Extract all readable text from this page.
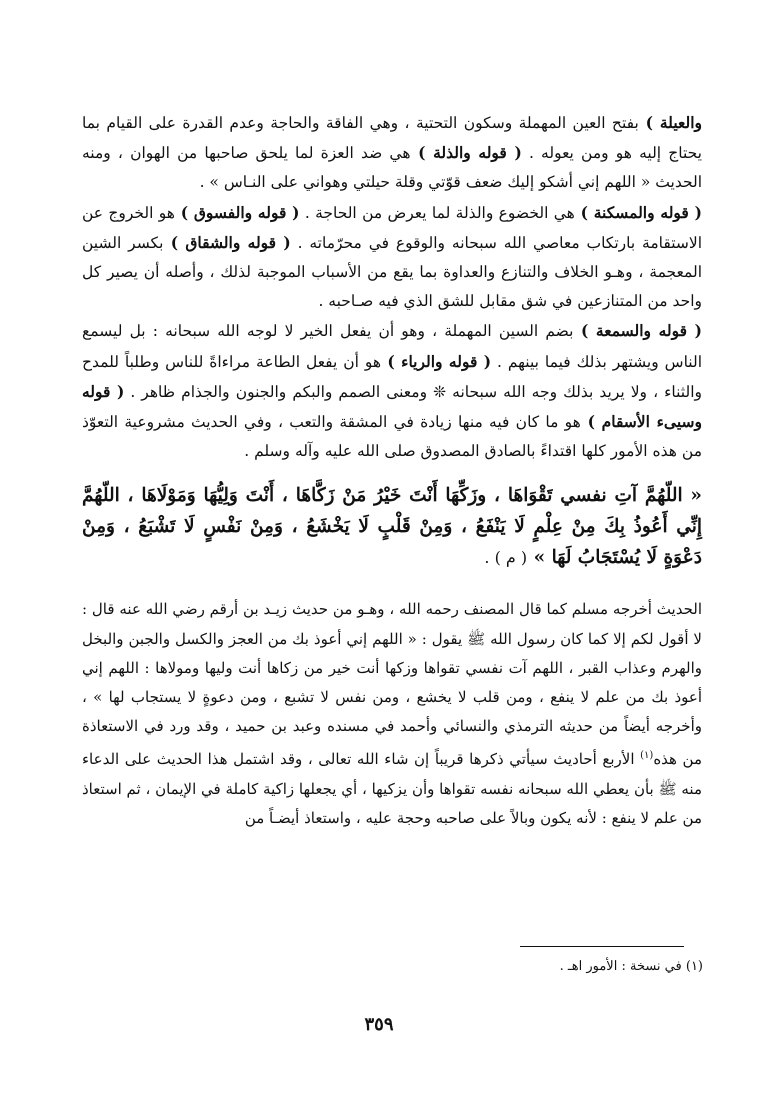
والعيلة ) بفتح العين المهملة وسكون التحتية ، وهي الفاقة والحاجة وعدم القدرة على القيام بما يحتاج إليه هو ومن يعوله . ( قوله والذلة ) هي ضد العزة لما يلحق صاحبها من الهوان ، ومنه الحديث « اللهم إني أشكو إليك ضعف قوّتي وقلة حيلتي وهواني على النـاس » .
( قوله والمسكنة ) هي الخضوع والذلة لما يعرض من الحاجة . ( قوله والفسوق ) هو الخروج عن الاستقامة بارتكاب معاصي الله سبحانه والوقوع في محرّماته . ( قوله والشقاق ) بكسر الشين المعجمة ، وهـو الخلاف والتنازع والعداوة بما يقع من الأسباب الموجبة لذلك ، وأصله أن يصير كل واحد من المتنازعين في شق مقابل للشق الذي فيه صـاحبه .
( قوله والسمعة ) بضم السين المهملة ، وهو أن يفعل الخير لا لوجه الله سبحانه : بل ليسمع الناس ويشتهر بذلك فيما بينهم . ( قوله والرياء ) هو أن يفعل الطاعة مراءاةً للناس وطلباً للمدح والثناء ، ولا يريد بذلك وجه الله سبحانه ❊ ومعنى الصمم والبكم والجنون والجذام ظاهر . ( قوله وسيىء الأسقام ) هو ما كان فيه منها زيادة في المشقة والتعب ، وفي الحديث مشروعية التعوّذ من هذه الأمور كلها اقتداءً بالصادق المصدوق صلى الله عليه وآله وسلم .

« اللّهُمَّ آتِ نفسي تَقْوَاهَا ، وزَكِّهَا أَنْتَ خَيْرُ مَنْ زَكَّاهَا ، أَنْتَ وَلِيُّهَا وَمَوْلَاهَا ، اللّهُمَّ إِنِّي أَعُوذُ بِكَ مِنْ عِلْمٍ لَا يَنْفَعُ ، وَمِنْ قَلْبٍ لَا يَخْشَعُ ، وَمِنْ نَفْسٍ لَا تَشْبَعُ ، وَمِنْ دَعْوَةٍ لَا يُسْتَجَابُ لَهَا » ( م ) .

الحديث أخرجه مسلم كما قال المصنف رحمه الله ، وهـو من حديث زيـد بن أرقم رضي الله عنه قال : لا أقول لكم إلا كما كان رسول الله ﷺ يقول : « اللهم إني أعوذ بك من العجز والكسل والجبن والبخل والهرم وعذاب القبر ، اللهم آت نفسي تقواها وزكها أنت خير من زكاها أنت وليها ومولاها : اللهم إني أعوذ بك من علم لا ينفع ، ومن قلب لا يخشع ، ومن نفس لا تشبع ، ومن دعوةٍ لا يستجاب لها » ، وأخرجه أيضاً من حديثه الترمذي والنسائي وأحمد في مسنده وعبد بن حميد ، وقد ورد في الاستعاذة من هذه$^{(١)}$ الأربع أحاديث سيأتي ذكرها قريباً إن شاء الله تعالى ، وقد اشتمل هذا الحديث على الدعاء منه ﷺ بأن يعطي الله سبحانه نفسه تقواها وأن يزكيها ، أي يجعلها زاكية كاملة في الإيمان ، ثم استعاذ من علم لا ينفع : لأنه يكون وبالاً على صاحبه وحجة عليه ، واستعاذ أيضـاً من

(١) في نسخة : الأمور اهـ .
٣٥٩
